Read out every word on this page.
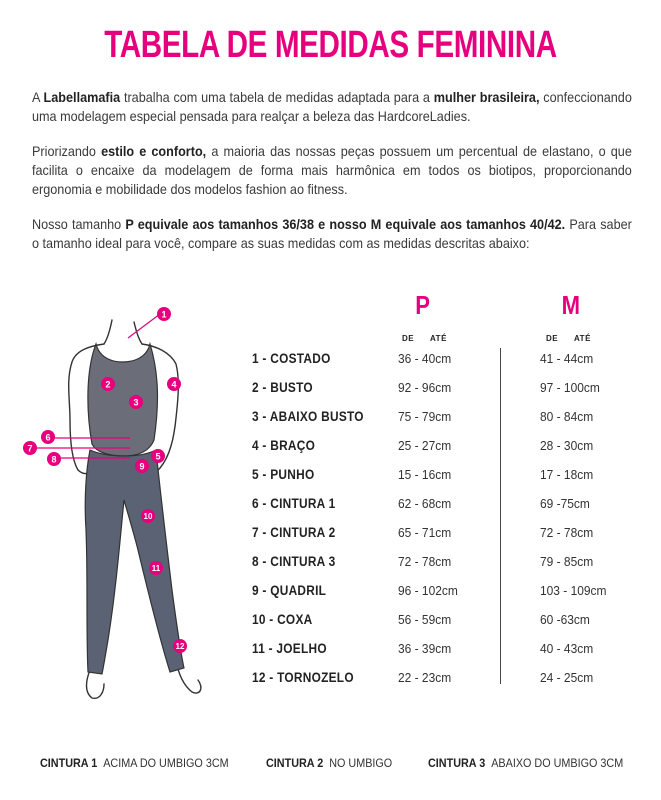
TABELA DE MEDIDAS FEMININA
A Labellamafia trabalha com uma tabela de medidas adaptada para a mulher brasileira, confeccionando uma modelagem especial pensada para realçar a beleza das HardcoreLadies.
Priorizando estilo e conforto, a maioria das nossas peças possuem um percentual de elastano, o que facilita o encaixe da modelagem de forma mais harmônica em todos os biotipos, proporcionando ergonomia e mobilidade dos modelos fashion ao fitness.
Nosso tamanho P equivale aos tamanhos 36/38 e nosso M equivale aos tamanhos 40/42. Para saber o tamanho ideal para você, compare as suas medidas com as medidas descritas abaixo:
1
2
3
4
5
6
7
8
9
10
11
12
P	M
DE ATÉ	DE ATÉ
1 - COSTADO	36 - 40cm	41 - 44cm
2 - BUSTO	92 - 96cm	97 - 100cm
3 - ABAIXO BUSTO	75 - 79cm	80 - 84cm
4 - BRAÇO	25 - 27cm	28 - 30cm
5 - PUNHO	15 - 16cm	17 - 18cm
6 - CINTURA 1	62 - 68cm	69 -75cm
7 - CINTURA 2	65 - 71cm	72 - 78cm
8 - CINTURA 3	72 - 78cm	79 - 85cm
9 - QUADRIL	96 - 102cm	103 - 109cm
10 - COXA	56 - 59cm	60 -63cm
11 - JOELHO	36 - 39cm	40 - 43cm
12 - TORNOZELO	22 - 23cm	24 - 25cm
CINTURA 1 ACIMA DO UMBIGO 3CM	CINTURA 2 NO UMBIGO	CINTURA 3 ABAIXO DO UMBIGO 3CM
